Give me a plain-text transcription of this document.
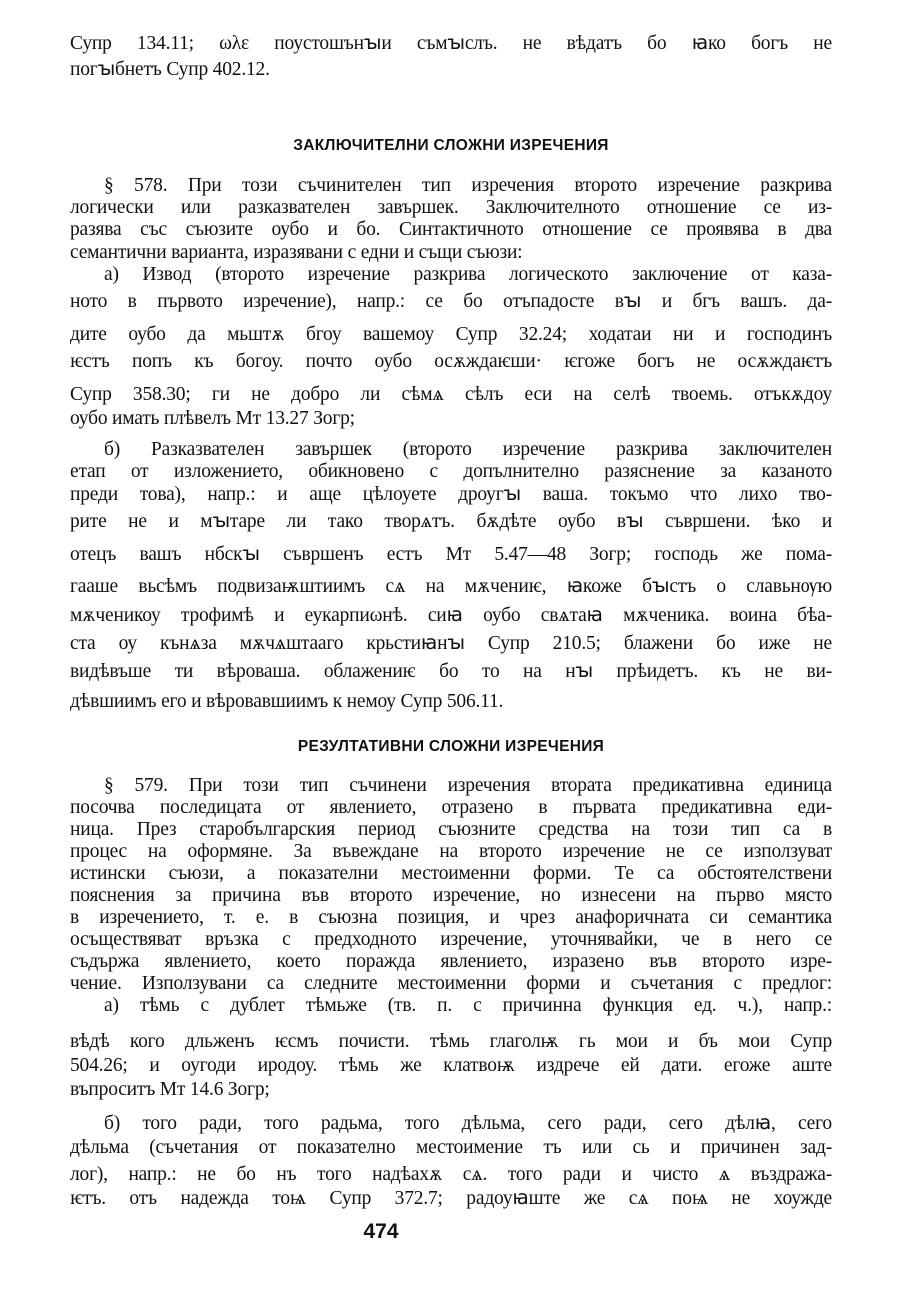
Супр 134.11; ωλε поустошънꙑи съмꙑслъ. не вѣдатъ бо ꙗко богъ не
погꙑбнетъ Супр 402.12.
ЗАКЛЮЧИТЕЛНИ СЛОЖНИ ИЗРЕЧЕНИЯ
§ 578. При този съчинителен тип изречения второто изречение разкрива
логически или разказвателен завършек. Заключителното отношение се из-
разява със съюзите оубо и бо. Синтактичното отношение се проявява в два
семантични варианта, изразявани с едни и същи съюзи:
а) Извод (второто изречение разкрива логическото заключение от каза-
ното в първото изречение), напр.: се бо отъпадосте вꙑ и бгъ вашъ. да-
дите оубо да мьштѫ бгоу вашемоу Супр 32.24; ходатаи ни и господинъ
ѥстъ попъ къ богоу. почто оубо осѫждаѥши· ѥгоже богъ не осѫждаѥтъ
Супр 358.30; ги не добро ли сѣмѧ сѣлъ еси на селѣ твоемь. отъкѫдоу
оубо имать плѣвелъ Мт 13.27 Зогр;
б) Разказвателен завършек (второто изречение разкрива заключителен
етап от изложението, обикновено с допълнително разяснение за казаното
преди това), напр.: и аще цѣлоуете дроугꙑ ваша. токъмо что лихо тво-
рите не и мꙑтаре ли тако творѧтъ. бѫдѣте оубо вꙑ съвршени. ѣко и
отецъ вашъ нбскꙑ съвршенъ естъ Мт 5.47—48 Зогр; господь же пома-
гааше вьсѣмъ подвизаѭштиимъ сѧ на мѫчениѥ, ꙗкоже бꙑстъ о славьнѹю
мѫченикоу трофимѣ и еукарпиωнѣ. сиꙗ оубо свѧтаꙗ мѫченика. воина бѣа-
ста оу кънѧза мѫчѧштааго крьстиꙗнꙑ Супр 210.5; блажени бо иже не
видѣвъше ти вѣроваша. облажениѥ бо то на нꙑ прѣидетъ. къ не ви-
дѣвшиимъ его и вѣровавшиимъ к немоу Супр 506.11.
РЕЗУЛТАТИВНИ СЛОЖНИ ИЗРЕЧЕНИЯ
§ 579. При този тип съчинени изречения втората предикативна единица
посочва последицата от явлението, отразено в първата предикативна еди-
ница. През старобългарския период съюзните средства на този тип са в
процес на оформяне. За въвеждане на второто изречение не се използуват
истински съюзи, а показателни местоименни форми. Те са обстоятелствени
пояснения за причина във второто изречение, но изнесени на първо място
в изречението, т. е. в съюзна позиция, и чрез анафоричната си семантика
осъществяват връзка с предходното изречение, уточнявайки, че в него се
съдържа явлението, което поражда явлението, изразено във второто изре-
чение. Използувани са следните местоименни форми и съчетания с предлог:
а) тѣмь с дублет тѣмьже (тв. п. с причинна функция ед. ч.), напр.:
вѣдѣ кого дльженъ ѥсмъ почисти. тѣмь глаголѭ гь мои и бъ мои Супр
504.26; и оугоди иродоу. тѣмь же клатвоѭ издрече ей дати. егоже аште
въпроситъ Мт 14.6 Зогр;
б) того ради, того радьма, того дѣльма, сего ради, сего дѣлꙗ, сего
дѣльма (съчетания от показателно местоимение тъ или сь и причинен зад-
лог), напр.: не бо нъ того надѣахѫ сѧ. того ради и чисто ѧ въздража-
ѥтъ. отъ надежда тоѩ Супр 372.7; радоуꙗште же сѧ поѩ не хоужде
474
